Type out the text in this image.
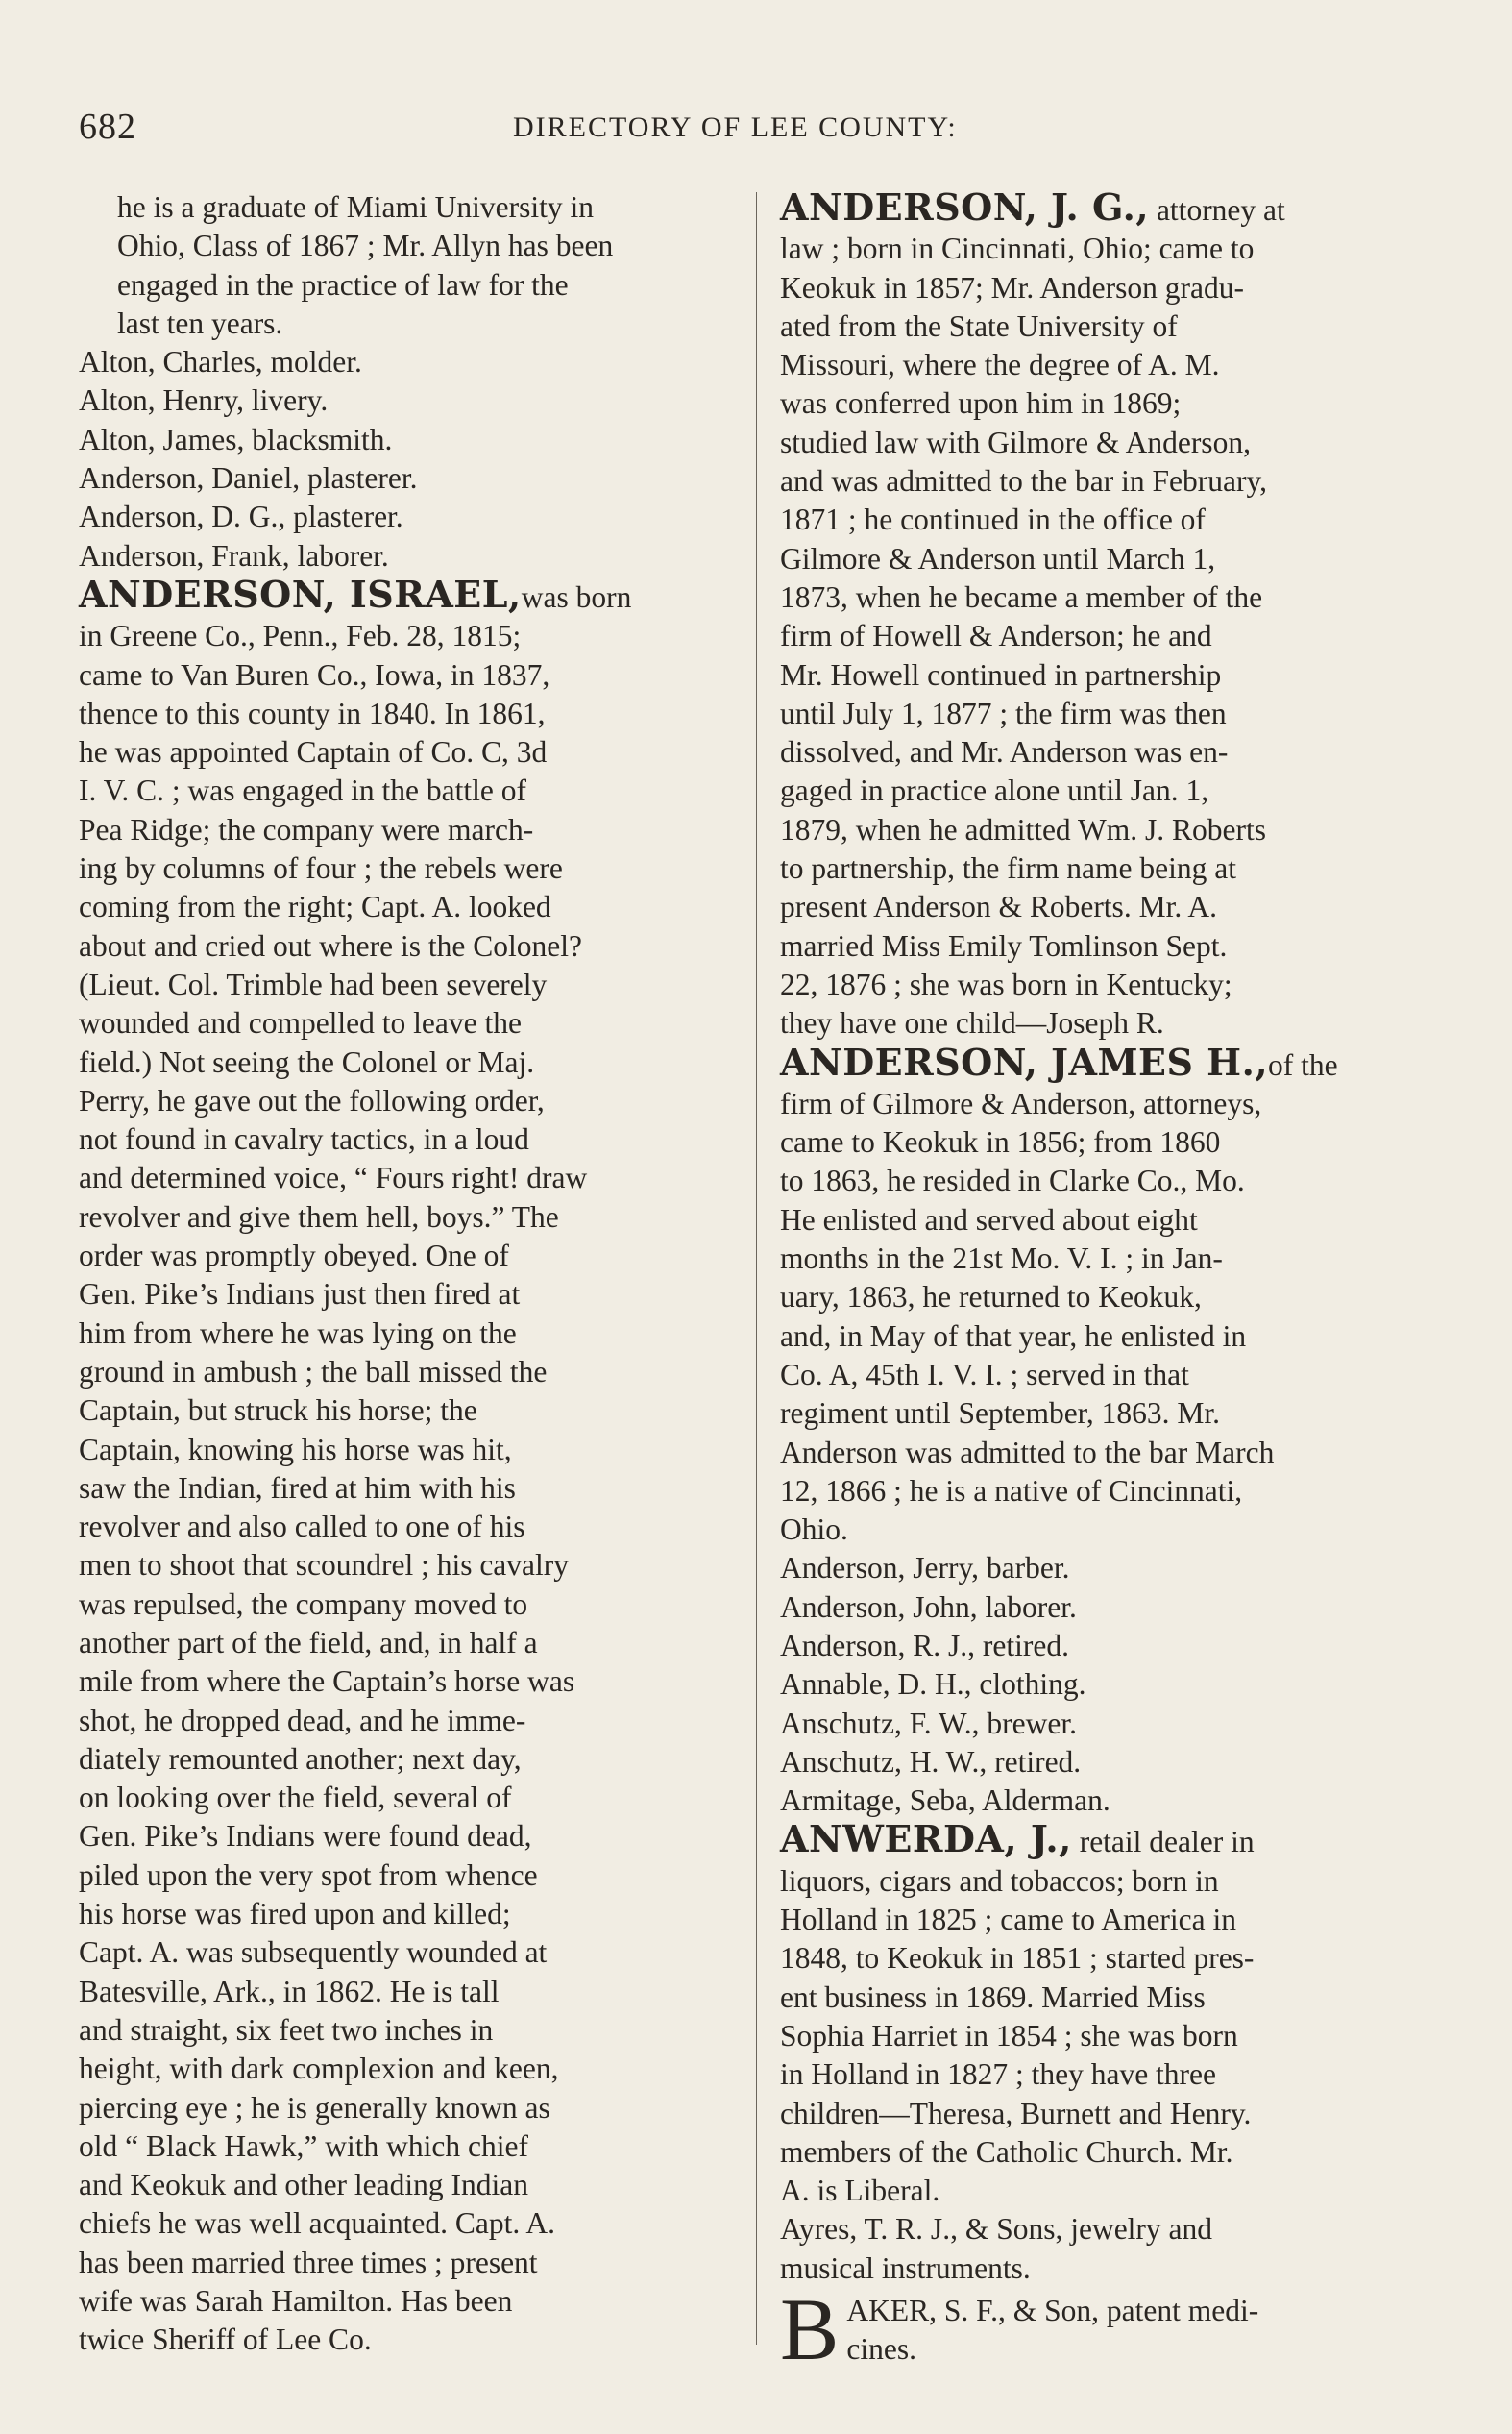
682	DIRECTORY OF LEE COUNTY:
he is a graduate of Miami University in
Ohio, Class of 1867 ; Mr. Allyn has been
engaged in the practice of law for the
last ten years.
Alton, Charles, molder.
Alton, Henry, livery.
Alton, James, blacksmith.
Anderson, Daniel, plasterer.
Anderson, D. G., plasterer.
Anderson, Frank, laborer.
ANDERSON, ISRAEL,was born
in Greene Co., Penn., Feb. 28, 1815;
came to Van Buren Co., Iowa, in 1837,
thence to this county in 1840. In 1861,
he was appointed Captain of Co. C, 3d
I. V. C. ; was engaged in the battle of
Pea Ridge; the company were march-
ing by columns of four ; the rebels were
coming from the right; Capt. A. looked
about and cried out where is the Colonel?
(Lieut. Col. Trimble had been severely
wounded and compelled to leave the
field.) Not seeing the Colonel or Maj.
Perry, he gave out the following order,
not found in cavalry tactics, in a loud
and determined voice, “ Fours right! draw
revolver and give them hell, boys.” The
order was promptly obeyed. One of
Gen. Pike’s Indians just then fired at
him from where he was lying on the
ground in ambush ; the ball missed the
Captain, but struck his horse; the
Captain, knowing his horse was hit,
saw the Indian, fired at him with his
revolver and also called to one of his
men to shoot that scoundrel ; his cavalry
was repulsed, the company moved to
another part of the field, and, in half a
mile from where the Captain’s horse was
shot, he dropped dead, and he imme-
diately remounted another; next day,
on looking over the field, several of
Gen. Pike’s Indians were found dead,
piled upon the very spot from whence
his horse was fired upon and killed;
Capt. A. was subsequently wounded at
Batesville, Ark., in 1862. He is tall
and straight, six feet two inches in
height, with dark complexion and keen,
piercing eye ; he is generally known as
old “ Black Hawk,” with which chief
and Keokuk and other leading Indian
chiefs he was well acquainted. Capt. A.
has been married three times ; present
wife was Sarah Hamilton. Has been
twice Sheriff of Lee Co.
ANDERSON, J. G., attorney at
law ; born in Cincinnati, Ohio; came to
Keokuk in 1857; Mr. Anderson gradu-
ated from the State University of
Missouri, where the degree of A. M.
was conferred upon him in 1869;
studied law with Gilmore & Anderson,
and was admitted to the bar in February,
1871 ; he continued in the office of
Gilmore & Anderson until March 1,
1873, when he became a member of the
firm of Howell & Anderson; he and
Mr. Howell continued in partnership
until July 1, 1877 ; the firm was then
dissolved, and Mr. Anderson was en-
gaged in practice alone until Jan. 1,
1879, when he admitted Wm. J. Roberts
to partnership, the firm name being at
present Anderson & Roberts. Mr. A.
married Miss Emily Tomlinson Sept.
22, 1876 ; she was born in Kentucky;
they have one child—Joseph R.
ANDERSON, JAMES H.,of the
firm of Gilmore & Anderson, attorneys,
came to Keokuk in 1856; from 1860
to 1863, he resided in Clarke Co., Mo.
He enlisted and served about eight
months in the 21st Mo. V. I. ; in Jan-
uary, 1863, he returned to Keokuk,
and, in May of that year, he enlisted in
Co. A, 45th I. V. I. ; served in that
regiment until September, 1863. Mr.
Anderson was admitted to the bar March
12, 1866 ; he is a native of Cincinnati,
Ohio.
Anderson, Jerry, barber.
Anderson, John, laborer.
Anderson, R. J., retired.
Annable, D. H., clothing.
Anschutz, F. W., brewer.
Anschutz, H. W., retired.
Armitage, Seba, Alderman.
ANWERDA, J., retail dealer in
liquors, cigars and tobaccos; born in
Holland in 1825 ; came to America in
1848, to Keokuk in 1851 ; started pres-
ent business in 1869. Married Miss
Sophia Harriet in 1854 ; she was born
in Holland in 1827 ; they have three
children—Theresa, Burnett and Henry.
members of the Catholic Church. Mr.
A. is Liberal.
Ayres, T. R. J., & Sons, jewelry and
musical instruments.
B AKER, S. F., & Son, patent medi-
cines.
